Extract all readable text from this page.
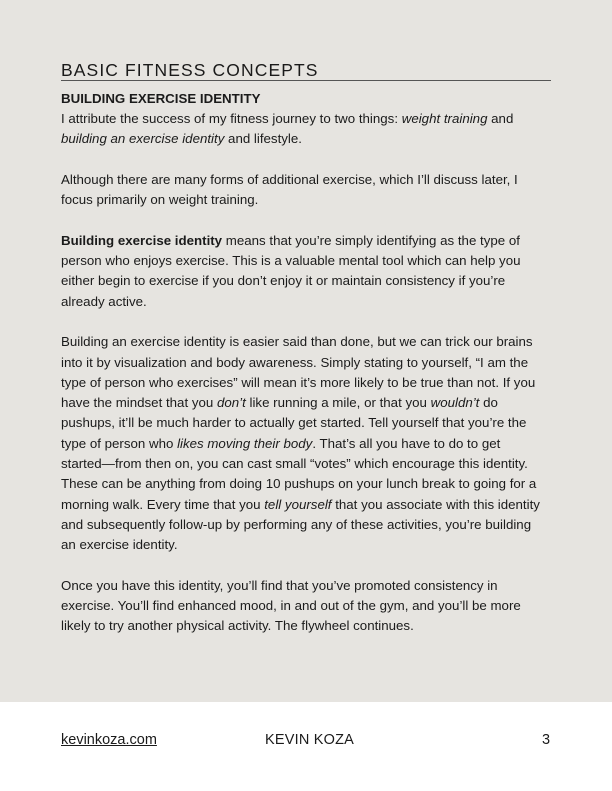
BASIC FITNESS CONCEPTS

BUILDING EXERCISE IDENTITY

I attribute the success of my fitness journey to two things: weight training and building an exercise identity and lifestyle.

Although there are many forms of additional exercise, which I’ll discuss later, I focus primarily on weight training.

Building exercise identity means that you’re simply identifying as the type of person who enjoys exercise. This is a valuable mental tool which can help you either begin to exercise if you don’t enjoy it or maintain consistency if you’re already active.

Building an exercise identity is easier said than done, but we can trick our brains into it by visualization and body awareness. Simply stating to yourself, “I am the type of person who exercises” will mean it’s more likely to be true than not. If you have the mindset that you don’t like running a mile, or that you wouldn’t do pushups, it’ll be much harder to actually get started. Tell yourself that you’re the type of person who likes moving their body. That’s all you have to do to get started—from then on, you can cast small “votes” which encourage this identity. These can be anything from doing 10 pushups on your lunch break to going for a morning walk. Every time that you tell yourself that you associate with this identity and subsequently follow-up by performing any of these activities, you’re building an exercise identity.

Once you have this identity, you’ll find that you’ve promoted consistency in exercise. You’ll find enhanced mood, in and out of the gym, and you’ll be more likely to try another physical activity. The flywheel continues.

kevinkoza.com	KEVIN KOZA	3
